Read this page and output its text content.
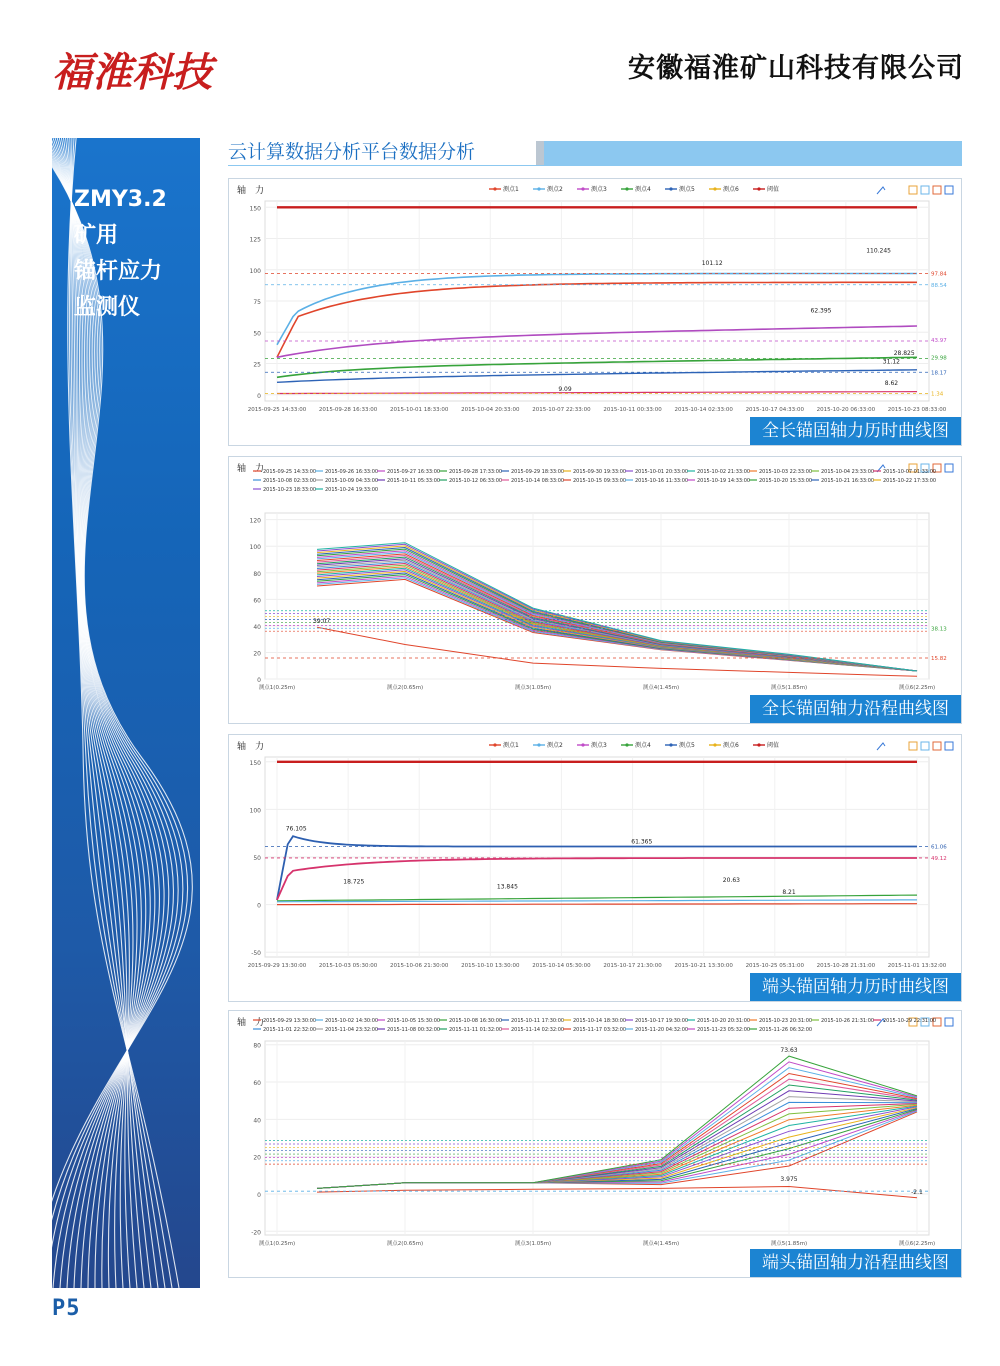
福淮科技	安徽福淮矿山科技有限公司
ZMY3.2
矿用
锚杆应力
监测仪
P5
云计算数据分析平台数据分析
轴　力	测点1	测点2	测点3	测点4	测点5	测点6	阈值
150
125
100
75
50
25
0
2015-09-25 14:33:00 2015-09-28 16:33:00 2015-10-01 18:33:00 2015-10-04 20:33:00 2015-10-07 22:33:00 2015-10-11 00:33:00 2015-10-14 02:33:00 2015-10-17 04:33:00 2015-10-20 06:33:00 2015-10-23 08:33:00
101.12
110.245
62.395
28.825
31.12
8.62
9.09
97.84
88.54
43.97
29.98
18.17
1.34
全长锚固轴力历时曲线图
轴　力
2015-09-25 14:33:00 2015-09-26 16:33:00 2015-09-27 16:33:00 2015-09-28 17:33:00 2015-09-29 18:33:00 2015-09-30 19:33:00 2015-10-01 20:33:00 2015-10-02 21:33:00 2015-10-03 22:33:00 2015-10-04 23:33:00 2015-10-07 01:33:00
2015-10-08 02:33:00 2015-10-09 04:33:00 2015-10-11 05:33:00 2015-10-12 06:33:00 2015-10-14 08:33:00 2015-10-15 09:33:00 2015-10-16 11:33:00 2015-10-19 14:33:00 2015-10-20 15:33:00 2015-10-21 16:33:00 2015-10-22 17:33:00
2015-10-23 18:33:00 2015-10-24 19:33:00
120
100
80
60
40
20
0
测点1(0.25m)	测点2(0.65m)	测点3(1.05m)	测点4(1.45m)	测点5(1.85m)	测点6(2.25m)
39.07
38.13
15.82
全长锚固轴力沿程曲线图
轴　力	测点1	测点2	测点3	测点4	测点5	测点6	阈值
150
100
50
0
-50
2015-09-29 13:30:00 2015-10-03 05:30:00 2015-10-06 21:30:00 2015-10-10 13:30:00 2015-10-14 05:30:00 2015-10-17 21:30:00 2015-10-21 13:30:00 2015-10-25 05:31:00 2015-10-28 21:31:00 2015-11-01 13:32:00
76.105
61.365
18.725
13.845
20.63
8.21
61.06
49.12
端头锚固轴力历时曲线图
轴　力
2015-09-29 13:30:00 2015-10-02 14:30:00 2015-10-05 15:30:00 2015-10-08 16:30:00 2015-10-11 17:30:00 2015-10-14 18:30:00 2015-10-17 19:30:00 2015-10-20 20:31:00 2015-10-23 20:31:00 2015-10-26 21:31:00 2015-10-29 22:31:00
2015-11-01 22:32:00 2015-11-04 23:32:00 2015-11-08 00:32:00 2015-11-11 01:32:00 2015-11-14 02:32:00 2015-11-17 03:32:00 2015-11-20 04:32:00 2015-11-23 05:32:00 2015-11-26 06:32:00
80
60
40
20
0
-20
测点1(0.25m)	测点2(0.65m)	测点3(1.05m)	测点4(1.45m)	测点5(1.85m)	测点6(2.25m)
73.63
3.975
-2.1
端头锚固轴力沿程曲线图
